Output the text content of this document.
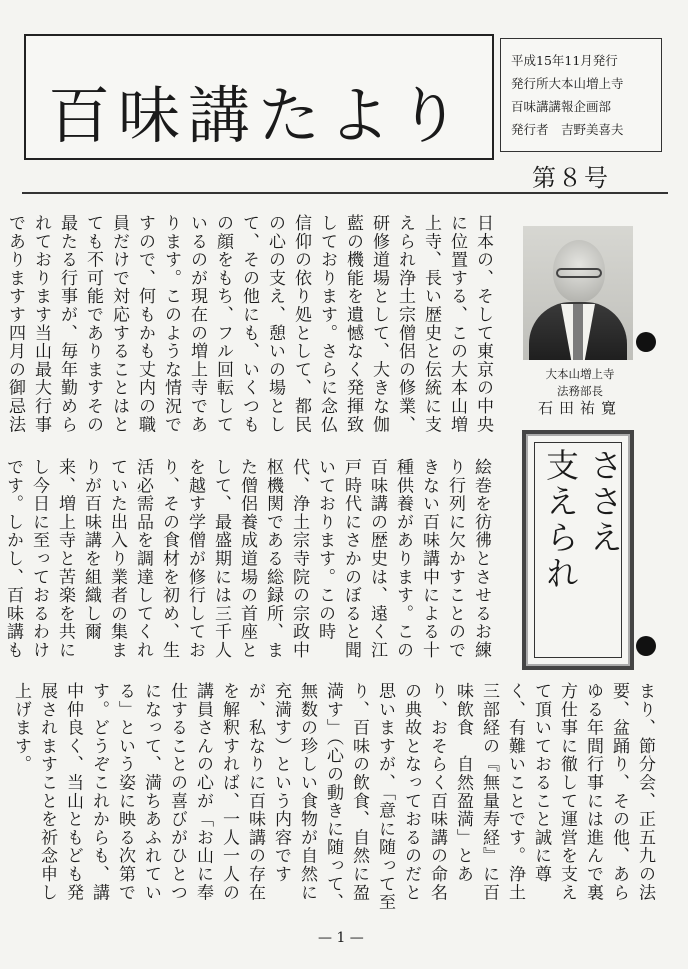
百味講たより
平成15年11月発行
発行所大本山増上寺
百味講講報企画部
発行者　吉野美喜夫
第８号
日本の、そして東京の中央に位置する、この大本山増上寺、長い歴史と伝統に支えられ浄土宗僧侶の修業、研修道場として、大きな伽藍の機能を遺憾なく発揮致しております。さらに念仏信仰の依り処として、都民の心の支え、憩いの場として、その他にも、いくつもの顔をもち、フル回転しているのが現在の増上寺であります。このような情況ですので、何もかも丈内の職員だけで対応することはとても不可能でありますその最たる行事が、毎年勤められております当山最大行事でありますす四月の御忌法
絵巻を彷彿とさせるお練り行列に欠かすことのできない百味講中による十種供養があります。この百味講の歴史は、遠く江戸時代にさかのぼると聞いております。この時代、浄土宗寺院の宗政中枢機関である総録所、また僧侶養成道場の首座として、最盛期には三千人を越す学僧が修行しており、その食材を初め、生活必需品を調達してくれていた出入り業者の集まりが百味講を組織し爾来、増上寺と苦楽を共にし今日に至っておるわけです。しかし、百味講も
まり、節分会、正五九の法要、盆踊り、その他、あらゆる年間行事には進んで裏方仕事に徹して運営を支えて頂いておること誠に尊く、有難いことです。浄土三部経の『無量寿経』に百味飲食　自然盈満」とあり、おそらく百味講の命名の典故となっておるのだと思いますが、「意に随って至り、百味の飲食、自然に盈満す」（心の動きに随って、無数の珍しい食物が自然に充満す）という内容ですが、私なりに百味講の存在を解釈すれば、一人一人の講員さんの心が「お山に奉仕することの喜びがひとつになって、満ちあふれている」という姿に映る次第です。どうぞこれからも、講中仲良く、当山ともども発展されますことを祈念申し上げます。
大本山増上寺
法務部長
石田祐寛
ささえ
支えられ
— 1 —
